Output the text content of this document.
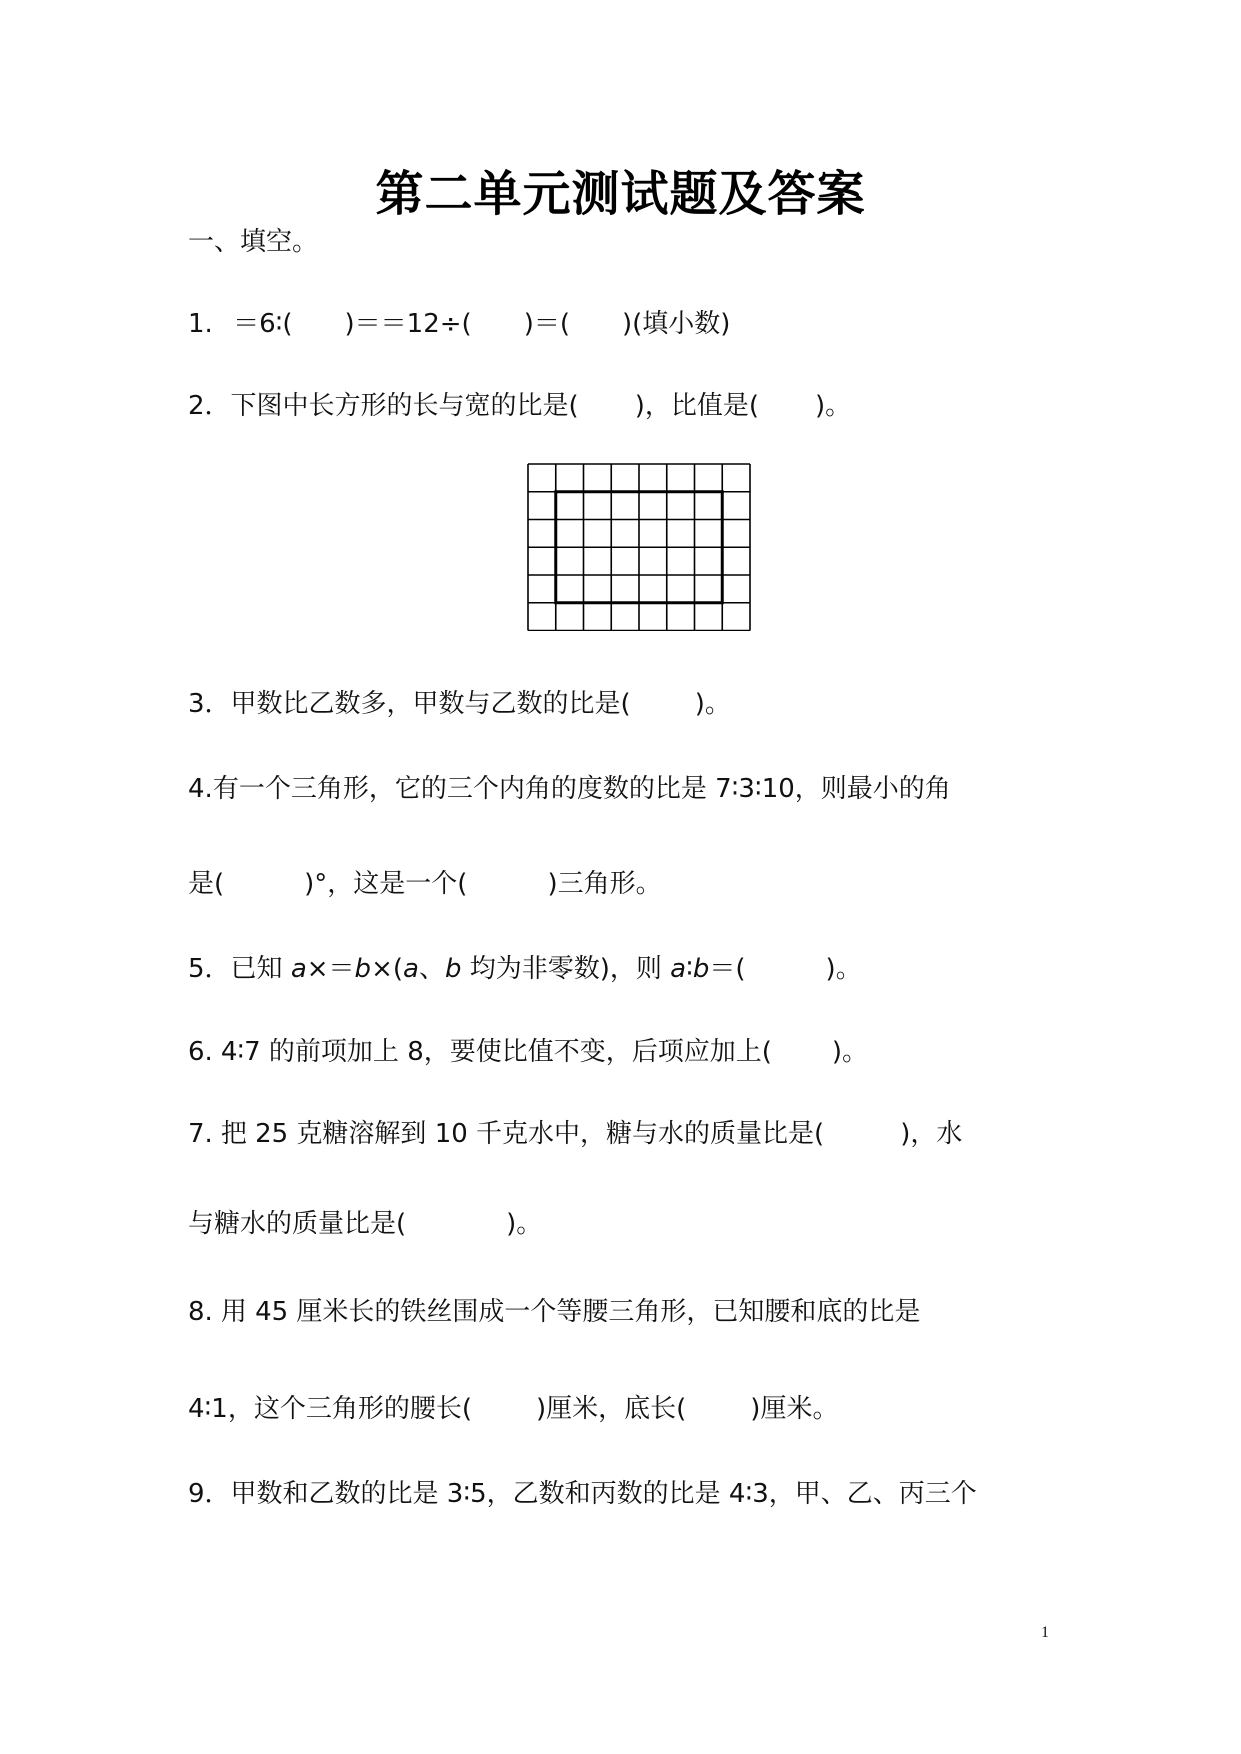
第二单元测试题及答案
一、填空。
1. ＝6∶( )＝＝12÷( )＝( )(填小数)
2．下图中长方形的长与宽的比是( )，比值是( )。
3．甲数比乙数多，甲数与乙数的比是( )。
4.有一个三角形，它的三个内角的度数的比是 7∶3∶10，则最小的角
是(	)°，这是一个(	)三角形。
5．已知 a×＝b×(a、b 均为非零数)，则 a∶b＝(	)。
6. 4∶7 的前项加上 8，要使比值不变，后项应加上( )。
7. 把 25 克糖溶解到 10 千克水中，糖与水的质量比是(	)，水
与糖水的质量比是(	)。
8. 用 45 厘米长的铁丝围成一个等腰三角形，已知腰和底的比是
4∶1，这个三角形的腰长( )厘米，底长( )厘米。
9．甲数和乙数的比是 3∶5，乙数和丙数的比是 4∶3，甲、乙、丙三个
1
